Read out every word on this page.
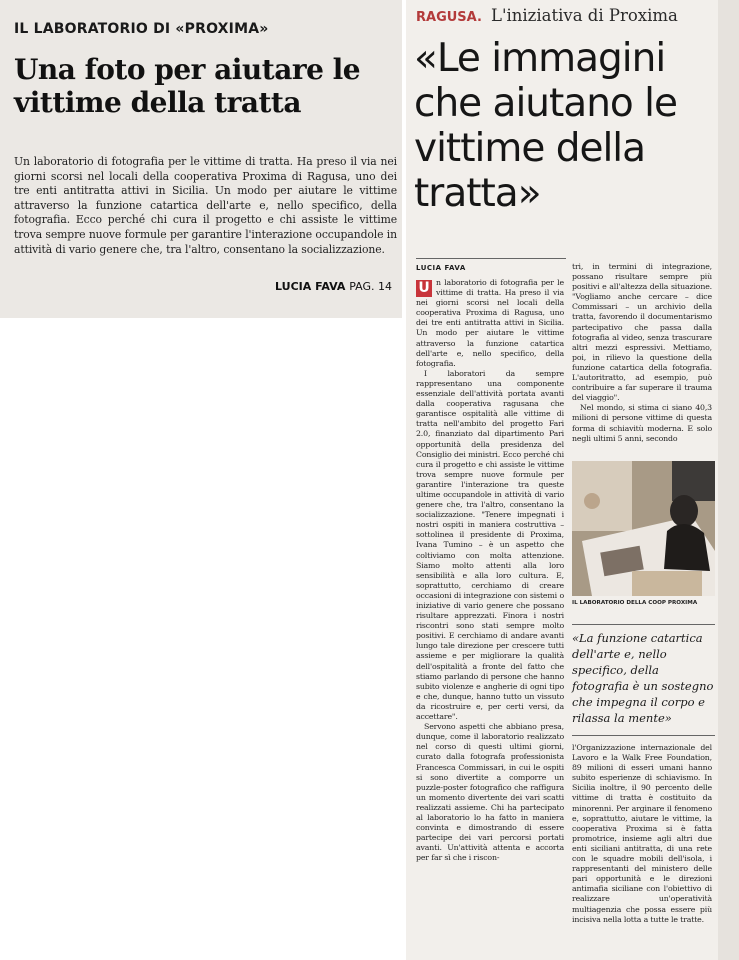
IL LABORATORIO DI «PROXIMA»

Una foto per aiutare le vittime della tratta

Un laboratorio di fotografia per le vittime di tratta. Ha preso il via nei giorni scorsi nel locali della cooperativa Proxima di Ragusa, uno dei tre enti antitratta attivi in Sicilia. Un modo per aiutare le vittime attraverso la funzione catartica dell'arte e, nello specifico, della fotografia. Ecco perché chi cura il progetto e chi assiste le vittime trova sempre nuove formule per garantire l'interazione occupandole in attività di vario genere che, tra l'altro, consentano la socializzazione.

LUCIA FAVA PAG. 14

RAGUSA. L'iniziativa di Proxima

«Le immagini che aiutano le vittime della tratta»

LUCIA FAVA

U n laboratorio di fotografia per le vittime di tratta. Ha preso il via nei giorni scorsi nel locali della cooperativa Proxima di Ragusa, uno dei tre enti antitratta attivi in Sicilia. Un modo per aiutare le vittime attraverso la funzione catartica dell'arte e, nello specifico, della fotografia.

I laboratori da sempre rappresentano una componente essenziale dell'attività portata avanti dalla cooperativa ragusana che garantisce ospitalità alle vittime di tratta nell'ambito del progetto Fari 2.0, finanziato dal dipartimento Pari opportunità della presidenza del Consiglio dei ministri. Ecco perché chi cura il progetto e chi assiste le vittime trova sempre nuove formule per garantire l'interazione tra queste ultime occupandole in attività di vario genere che, tra l'altro, consentano la socializzazione. "Tenere impegnati i nostri ospiti in maniera costruttiva – sottolinea il presidente di Proxima, Ivana Tumino – è un aspetto che coltiviamo con molta attenzione. Siamo molto attenti alla loro sensibilità e alla loro cultura. E, soprattutto, cerchiamo di creare occasioni di integrazione con sistemi o iniziative di vario genere che possano risultare apprezzati. Finora i nostri riscontri sono stati sempre molto positivi. E cerchiamo di andare avanti lungo tale direzione per crescere tutti assieme e per migliorare la qualità dell'ospitalità a fronte del fatto che stiamo parlando di persone che hanno subito violenze e angherie di ogni tipo e che, dunque, hanno tutto un vissuto da ricostruire e, per certi versi, da accettare".

Servono aspetti che abbiano presa, dunque, come il laboratorio realizzato nel corso di questi ultimi giorni, curato dalla fotografa professionista Francesca Commissari, in cui le ospiti si sono divertite a comporre un puzzle-poster fotografico che raffigura un momento divertente dei vari scatti realizzati assieme. Chi ha partecipato al laboratorio lo ha fatto in maniera convinta e dimostrando di essere partecipe dei vari percorsi portati avanti. Un'attività attenta e accorta per far sì che i riscon-

tri, in termini di integrazione, possano risultare sempre più positivi e all'altezza della situazione. "Vogliamo anche cercare – dice Commissari – un archivio della tratta, favorendo il documentarismo partecipativo che passa dalla fotografia al video, senza trascurare altri mezzi espressivi. Mettiamo, poi, in rilievo la questione della funzione catartica della fotografia. L'autoritratto, ad esempio, può contribuire a far superare il trauma del viaggio".

Nel mondo, si stima ci siano 40,3 milioni di persone vittime di questa forma di schiavitù moderna. E solo negli ultimi 5 anni, secondo

IL LABORATORIO DELLA COOP PROXIMA

«La funzione catartica dell'arte e, nello specifico, della fotografia è un sostegno che impegna il corpo e rilassa la mente»

l'Organizzazione internazionale del Lavoro e la Walk Free Foundation, 89 milioni di esseri umani hanno subito esperienze di schiavismo. In Sicilia inoltre, il 90 percento delle vittime di tratta è costituito da minorenni. Per arginare il fenomeno e, soprattutto, aiutare le vittime, la cooperativa Proxima si è fatta promotrice, insieme agli altri due enti siciliani antitratta, di una rete con le squadre mobili dell'isola, i rappresentanti del ministero delle pari opportunità e le direzioni antimafia siciliane con l'obiettivo di realizzare un'operatività multiagenzia che possa essere più incisiva nella lotta a tutte le tratte.
